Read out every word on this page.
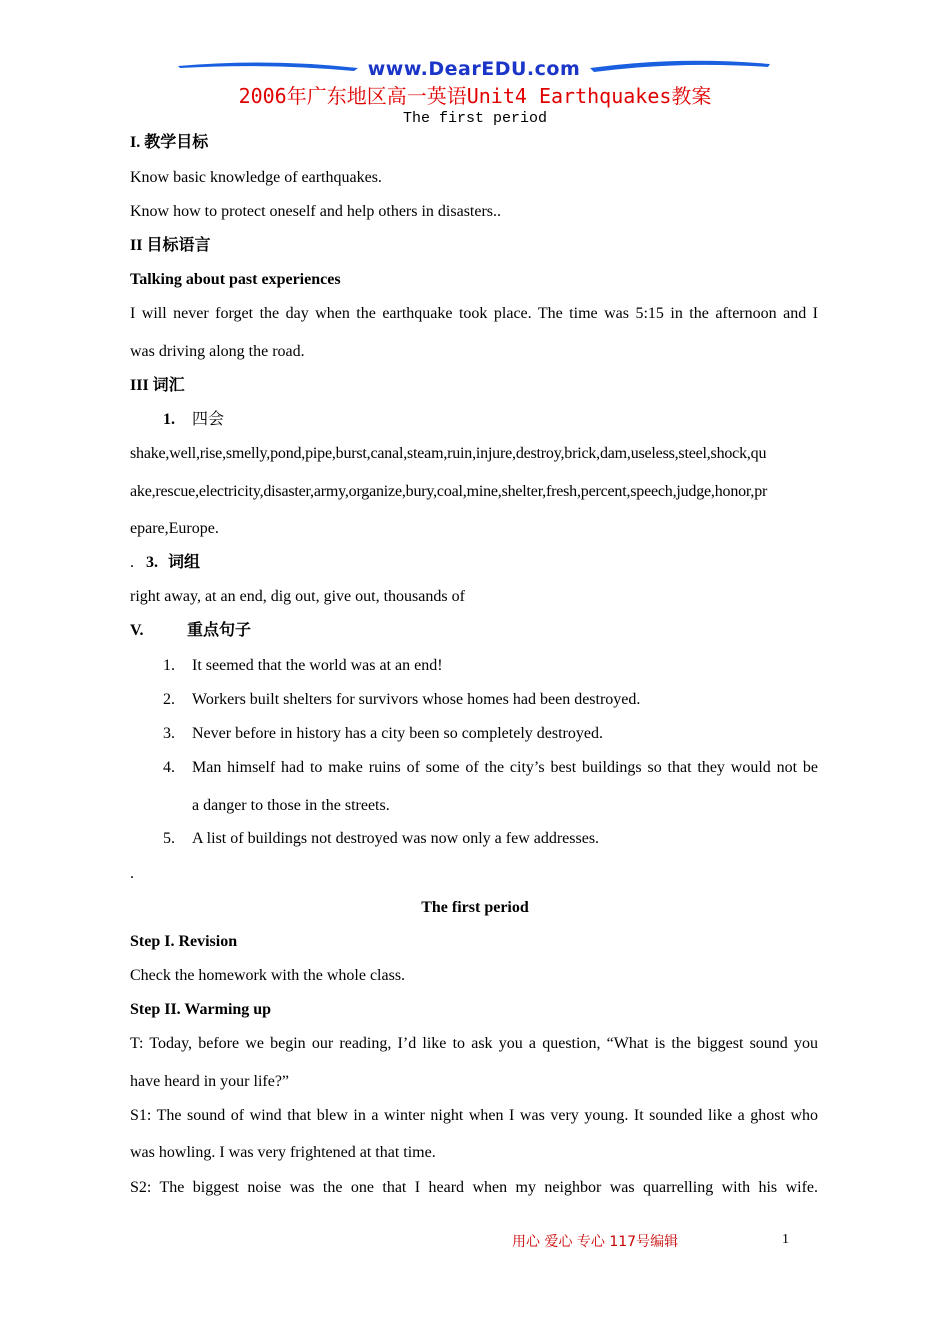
www.DearEDU.com
2006年广东地区高一英语Unit4 Earthquakes教案
The first period
I. 教学目标
Know basic knowledge of earthquakes.
Know how to protect oneself and help others in disasters..
II 目标语言
Talking about past experiences
I will never forget the day when the earthquake took place. The time was 5:15 in the afternoon and I
was driving along the road.
III 词汇
1. 四会
shake,well,rise,smelly,pond,pipe,burst,canal,steam,ruin,injure,destroy,brick,dam,useless,steel,shock,qu
ake,rescue,electricity,disaster,army,organize,bury,coal,mine,shelter,fresh,percent,speech,judge,honor,pr
epare,Europe.
. 3. 词组
right away, at an end, dig out, give out, thousands of
V.	重点句子
1. It seemed that the world was at an end!
2. Workers built shelters for survivors whose homes had been destroyed.
3. Never before in history has a city been so completely destroyed.
4. Man himself had to make ruins of some of the city’s best buildings so that they would not be
a danger to those in the streets.
5. A list of buildings not destroyed was now only a few addresses.
.
The first period
Step I. Revision
Check the homework with the whole class.
Step II. Warming up
T: Today, before we begin our reading, I’d like to ask you a question, “What is the biggest sound you
have heard in your life?”
S1: The sound of wind that blew in a winter night when I was very young. It sounded like a ghost who
was howling. I was very frightened at that time.
S2: The biggest noise was the one that I heard when my neighbor was quarrelling with his wife.
用心 爱心 专心 117号编辑	1
